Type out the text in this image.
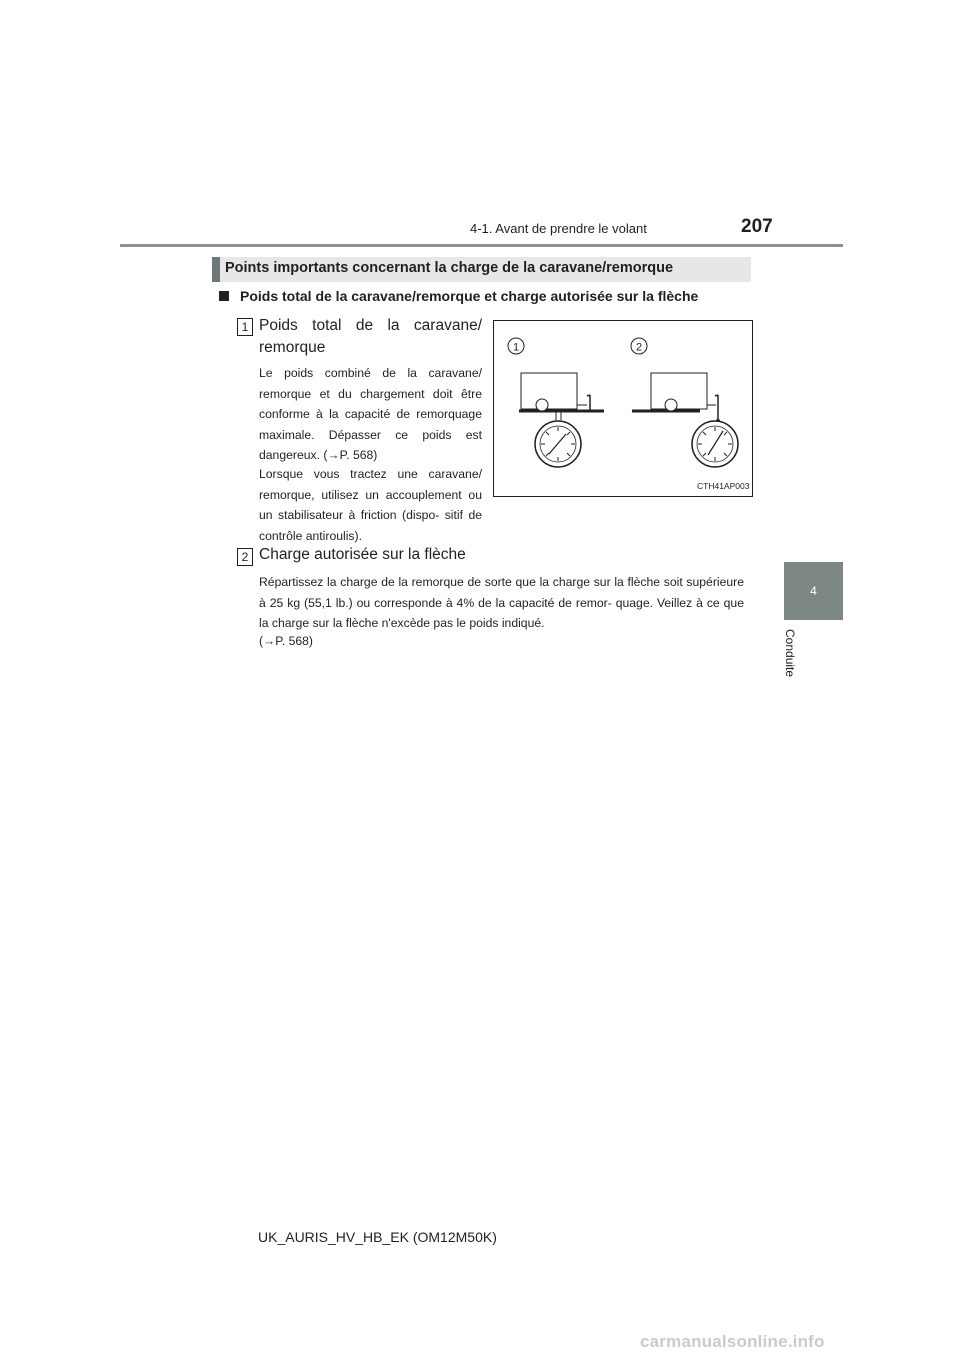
4-1. Avant de prendre le volant	207
4
Conduite
Points importants concernant la charge de la caravane/remorque
Poids total de la caravane/remorque et charge autorisée sur la flèche
1 Poids total de la caravane/ remorque
Le poids combiné de la caravane/ remorque et du chargement doit être conforme à la capacité de remorquage maximale. Dépasser ce poids est dangereux. (→P. 568)
Lorsque vous tractez une caravane/ remorque, utilisez un accouplement ou un stabilisateur à friction (dispo- sitif de contrôle antiroulis).
1	2
CTH41AP003
2 Charge autorisée sur la flèche
Répartissez la charge de la remorque de sorte que la charge sur la flèche soit supérieure à 25 kg (55,1 lb.) ou corresponde à 4% de la capacité de remor- quage. Veillez à ce que la charge sur la flèche n'excède pas le poids indiqué.
(→P. 568)
UK_AURIS_HV_HB_EK (OM12M50K)
carmanualsonline.info
